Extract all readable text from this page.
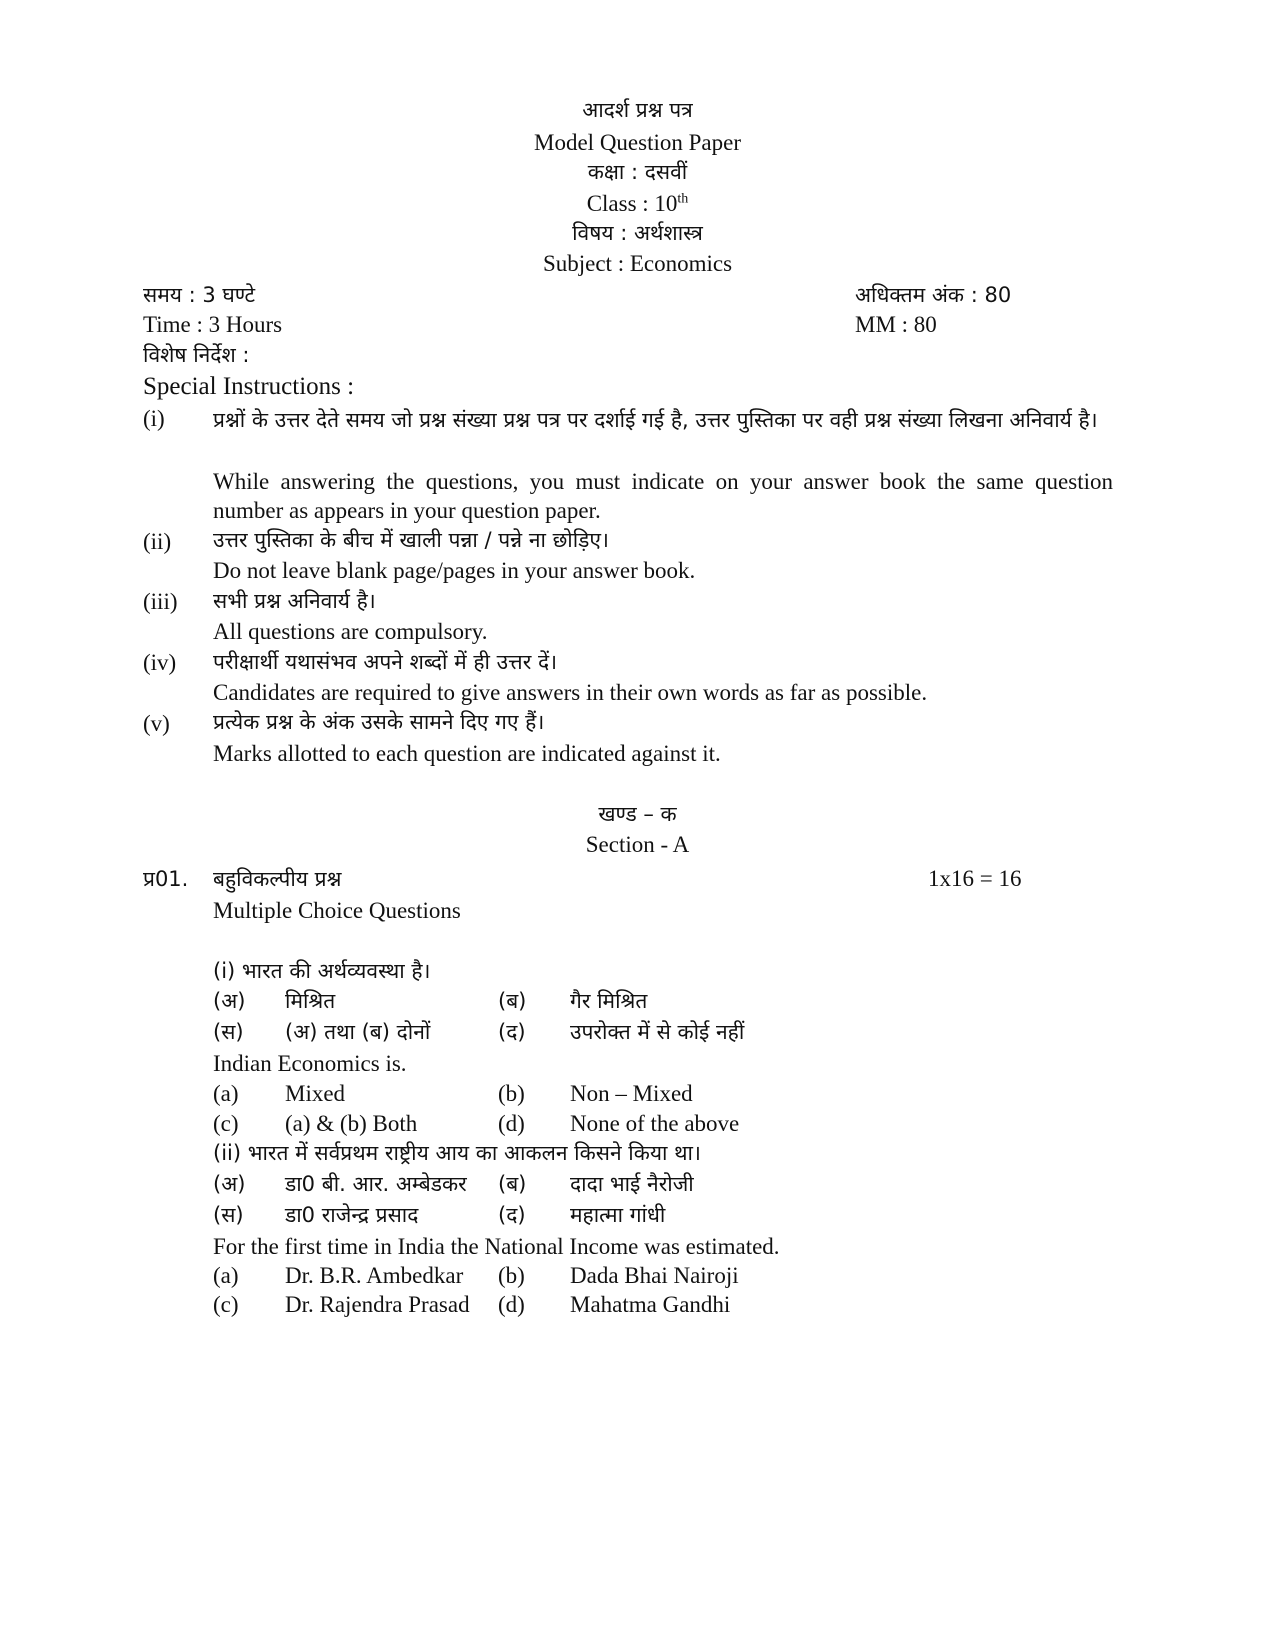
आदर्श प्रश्न पत्र
Model Question Paper
कक्षा : दसवीं
Class : 10th
विषय : अर्थशास्त्र
Subject : Economics
समय : 3 घण्टे	अधिक्तम अंक : 80
Time : 3 Hours	MM : 80
विशेष निर्देश :
Special Instructions :
(i) प्रश्नों के उत्तर देते समय जो प्रश्न संख्या प्रश्न पत्र पर दर्शाई गई है, उत्तर पुस्तिका पर वही प्रश्न संख्या लिखना अनिवार्य है।
While answering the questions, you must indicate on your answer book the same question number as appears in your question paper.
(ii) उत्तर पुस्तिका के बीच में खाली पन्ना / पन्ने ना छोड़िए।
Do not leave blank page/pages in your answer book.
(iii) सभी प्रश्न अनिवार्य है।
All questions are compulsory.
(iv) परीक्षार्थी यथासंभव अपने शब्दों में ही उत्तर दें।
Candidates are required to give answers in their own words as far as possible.
(v) प्रत्येक प्रश्न के अंक उसके सामने दिए गए हैं।
Marks allotted to each question are indicated against it.
खण्ड – क
Section - A
प्र01. बहुविकल्पीय प्रश्न	1x16 = 16
Multiple Choice Questions
(i) भारत की अर्थव्यवस्था है।
(अ) मिश्रित	(ब) गैर मिश्रित
(स) (अ) तथा (ब) दोनों	(द) उपरोक्त में से कोई नहीं
Indian Economics is.
(a) Mixed	(b) Non – Mixed
(c) (a) & (b) Both	(d) None of the above
(ii) भारत में सर्वप्रथम राष्ट्रीय आय का आकलन किसने किया था।
(अ) डा0 बी. आर. अम्बेडकर (ब) दादा भाई नैरोजी
(स) डा0 राजेन्द्र प्रसाद	(द) महात्मा गांधी
For the first time in India the National Income was estimated.
(a) Dr. B.R. Ambedkar (b) Dada Bhai Nairoji
(c) Dr. Rajendra Prasad (d) Mahatma Gandhi
